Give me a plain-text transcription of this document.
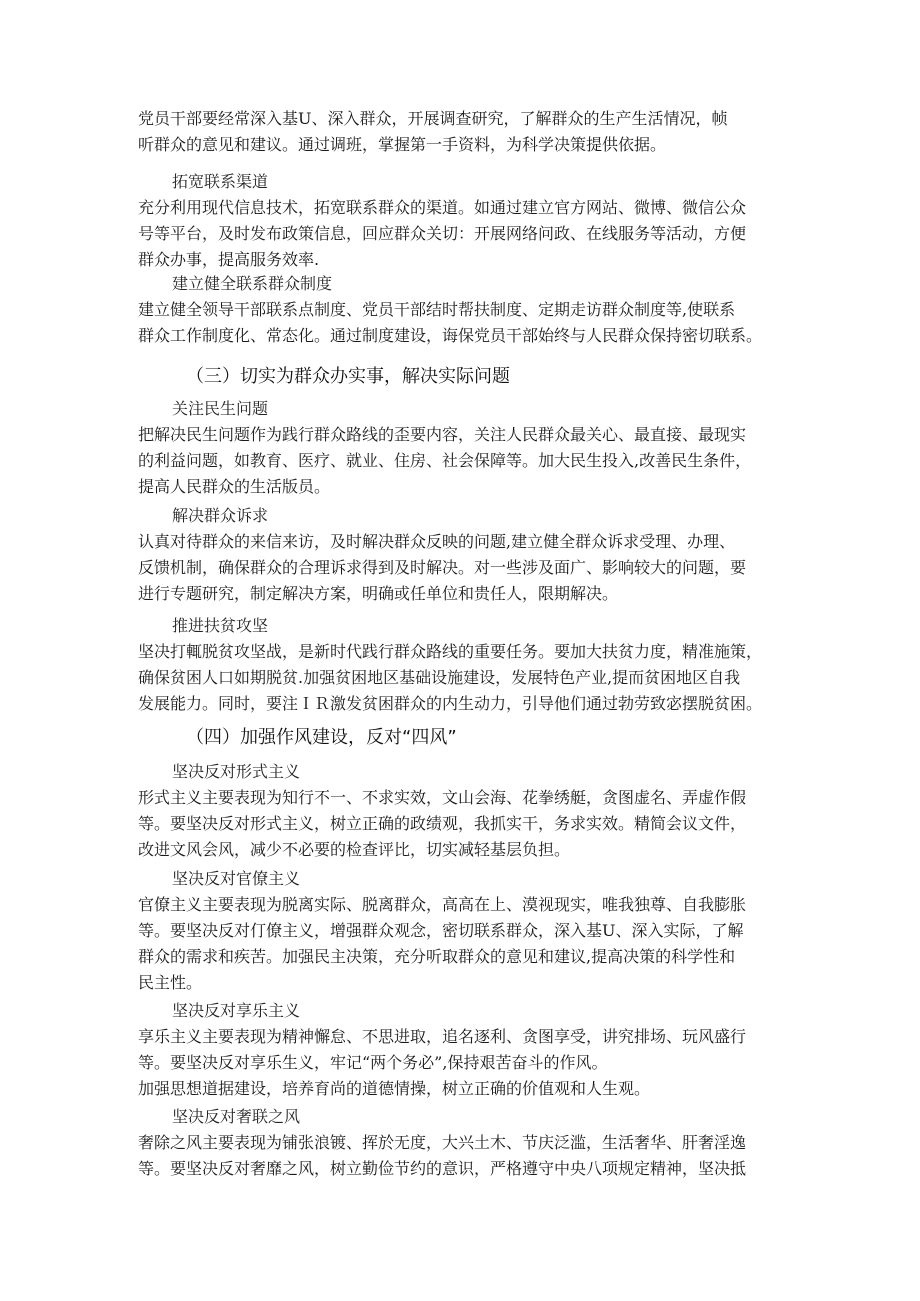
党员干部要经常深入基U、深入群众，开展调查研究，了解群众的生产生活情况，帧
听群众的意见和建议。通过调班，掌握第一手资料，为科学决策提供依据。
拓宽联系渠道
充分利用现代信息技术，拓宽联系群众的渠道。如通过建立官方网站、微博、微信公众
号等平台，及时发布政策信息，回应群众关切：开展网络问政、在线服务等活动，方便
群众办事，提高服务效率.
建立健全联系群众制度
建立健全领导干部联系点制度、党员干部结时帮扶制度、定期走访群众制度等,使联系
群众工作制度化、常态化。通过制度建设，诲保党员干部始终与人民群众保持密切联系。
（三）切实为群众办实事，解决实际问题
关注民生问题
把解决民生问题作为践行群众路线的歪要内容，关注人民群众最关心、最直接、最现实
的利益问题，如教育、医疗、就业、住房、社会保障等。加大民生投入,改善民生条件，
提高人民群众的生活版员。
解决群众诉求
认真对待群众的来信来访，及时解决群众反映的问题,建立健全群众诉求受理、办理、
反馈机制，确保群众的合理诉求得到及时解决。对一些涉及面广、影响较大的问题，要
进行专题研究，制定解决方案，明确或任单位和贵任人，限期解决。
推进扶贫攻坚
坚决打輒脱贫攻坚战，是新时代践行群众路线的重要任务。要加大扶贫力度，精准施策，
确保贫困人口如期脱贫.加强贫困地区基础设施建设，发展特色产业,提而贫困地区自我
发展能力。同时，要注ＩＲ激发贫困群众的内生动力，引导他们通过勃劳致宓摆脱贫困。
（四）加强作风建设，反对“四风”
坚决反对形式主义
形式主义主要表现为知行不一、不求实效，文山会海、花拳绣艇，贪图虚名、弄虚作假
等。要坚决反对形式主义，树立正确的政绩观，我抓实干，务求实效。精简会议文件，
改进文风会风，减少不必要的检查评比，切实减轻基层负担。
坚决反对官僚主义
官僚主义主要表现为脱离实际、脱离群众，高高在上、漠视现实，唯我独尊、自我膨胀
等。要坚决反对仃僚主义，增强群众观念，密切联系群众，深入基U、深入实际，了解
群众的需求和疾苦。加强民主决策，充分听取群众的意见和建议,提高决策的科学性和
民主性。
坚决反对享乐主义
享乐主义主要表现为精神懈怠、不思进取，追名逐利、贪图享受，讲究排场、玩风盛行
等。要坚决反对享乐生义，牢记“两个务必”,保持艰苦奋斗的作风。
加强思想道据建设，培养育尚的道德情操，树立正确的价值观和人生观。
坚决反对奢联之风
奢除之风主要表现为铺张浪镀、挥於无度，大兴土木、节庆泛滥，生活奢华、肝奢淫逸
等。要坚决反对奢靡之风，树立勤俭节约的意识，严格遵守中央八项规定精神，坚决抵
